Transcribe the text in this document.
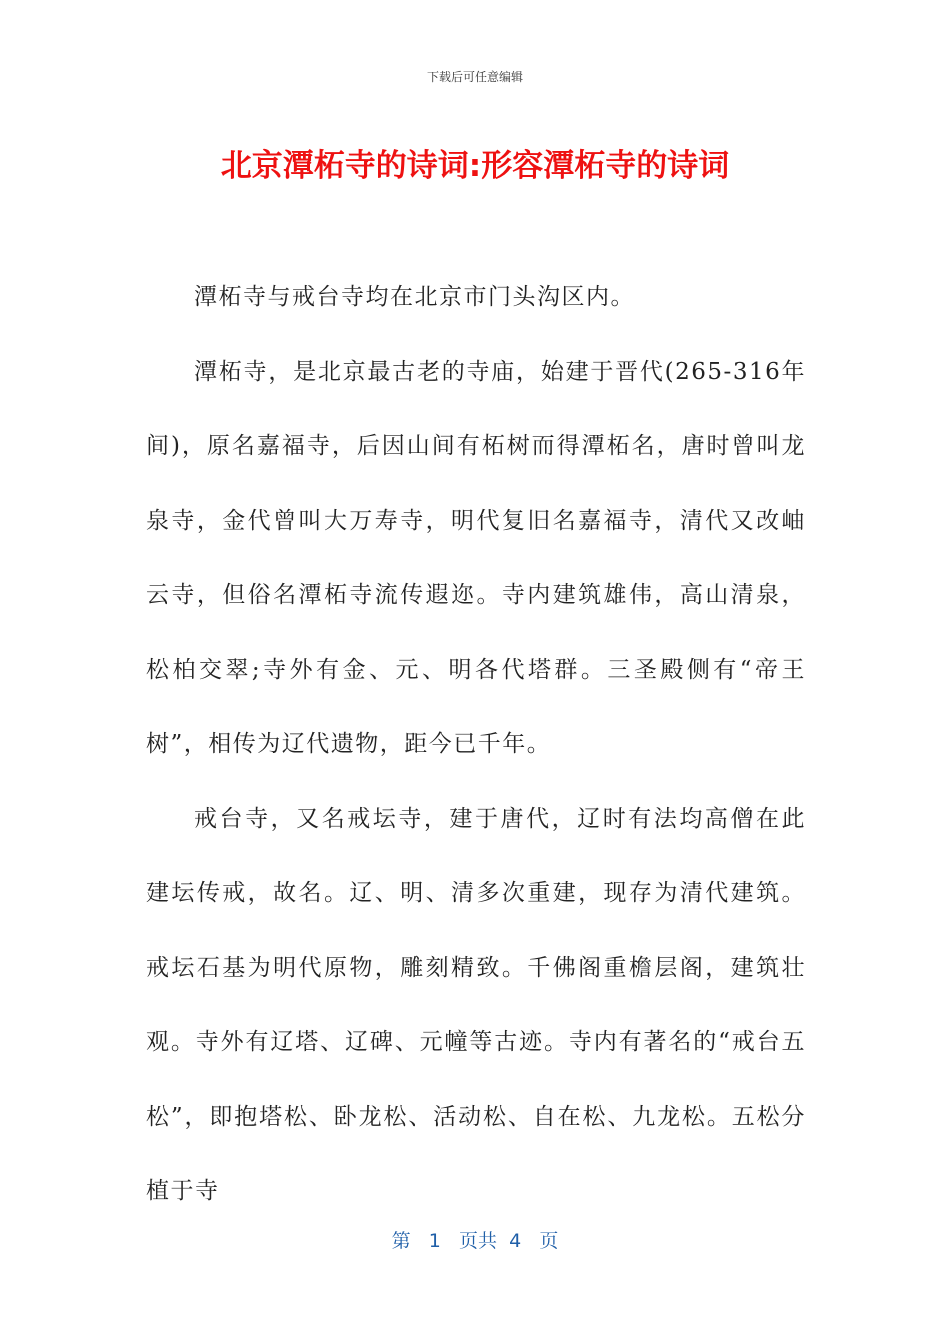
下载后可任意编辑
北京潭柘寺的诗词:形容潭柘寺的诗词

潭柘寺与戒台寺均在北京市门头沟区内。

潭柘寺，是北京最古老的寺庙，始建于晋代(265-316年间)，原名嘉福寺，后因山间有柘树而得潭柘名，唐时曾叫龙泉寺，金代曾叫大万寿寺，明代复旧名嘉福寺，清代又改岫云寺，但俗名潭柘寺流传遐迩。寺内建筑雄伟，高山清泉，松柏交翠;寺外有金、元、明各代塔群。三圣殿侧有“帝王树”，相传为辽代遗物，距今已千年。

戒台寺，又名戒坛寺，建于唐代，辽时有法均高僧在此建坛传戒，故名。辽、明、清多次重建，现存为清代建筑。戒坛石基为明代原物，雕刻精致。千佛阁重檐层阁，建筑壮观。寺外有辽塔、辽碑、元幢等古迹。寺内有著名的“戒台五松”，即抱塔松、卧龙松、活动松、自在松、九龙松。五松分植于寺

第 1 页共 4 页
